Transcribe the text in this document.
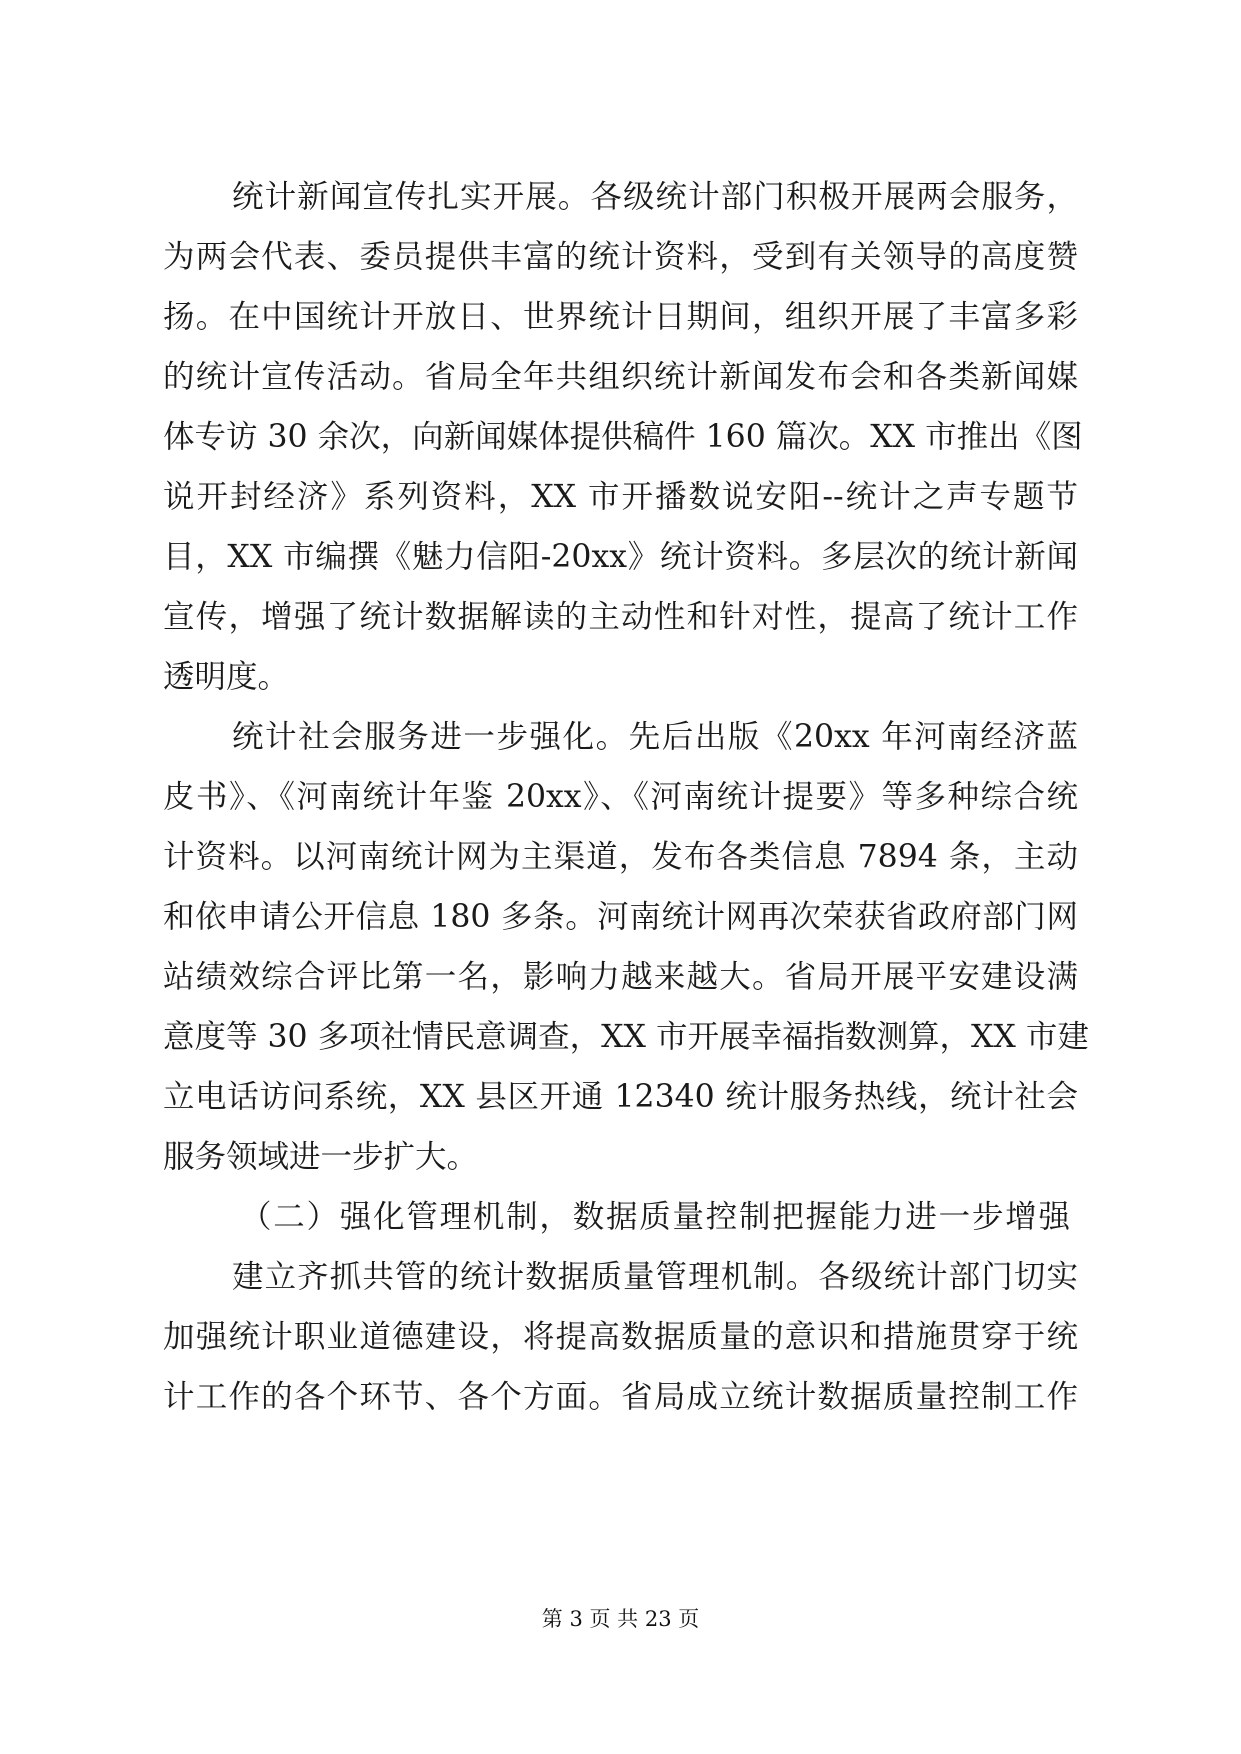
统计新闻宣传扎实开展。各级统计部门积极开展两会服务，
为两会代表、委员提供丰富的统计资料，受到有关领导的高度赞
扬。在中国统计开放日、世界统计日期间，组织开展了丰富多彩
的统计宣传活动。省局全年共组织统计新闻发布会和各类新闻媒
体专访 30 余次，向新闻媒体提供稿件 160 篇次。XX 市推出《图
说开封经济》系列资料，XX 市开播数说安阳--统计之声专题节
目，XX 市编撰《魅力信阳-20xx》统计资料。多层次的统计新闻
宣传，增强了统计数据解读的主动性和针对性，提高了统计工作
透明度。
统计社会服务进一步强化。先后出版《20xx 年河南经济蓝
皮书》、《河南统计年鉴 20xx》、《河南统计提要》等多种综合统
计资料。以河南统计网为主渠道，发布各类信息 7894 条，主动
和依申请公开信息 180 多条。河南统计网再次荣获省政府部门网
站绩效综合评比第一名，影响力越来越大。省局开展平安建设满
意度等 30 多项社情民意调查，XX 市开展幸福指数测算，XX 市建
立电话访问系统，XX 县区开通 12340 统计服务热线，统计社会
服务领域进一步扩大。
（二）强化管理机制，数据质量控制把握能力进一步增强
建立齐抓共管的统计数据质量管理机制。各级统计部门切实
加强统计职业道德建设，将提高数据质量的意识和措施贯穿于统
计工作的各个环节、各个方面。省局成立统计数据质量控制工作
第 3 页 共 23 页
